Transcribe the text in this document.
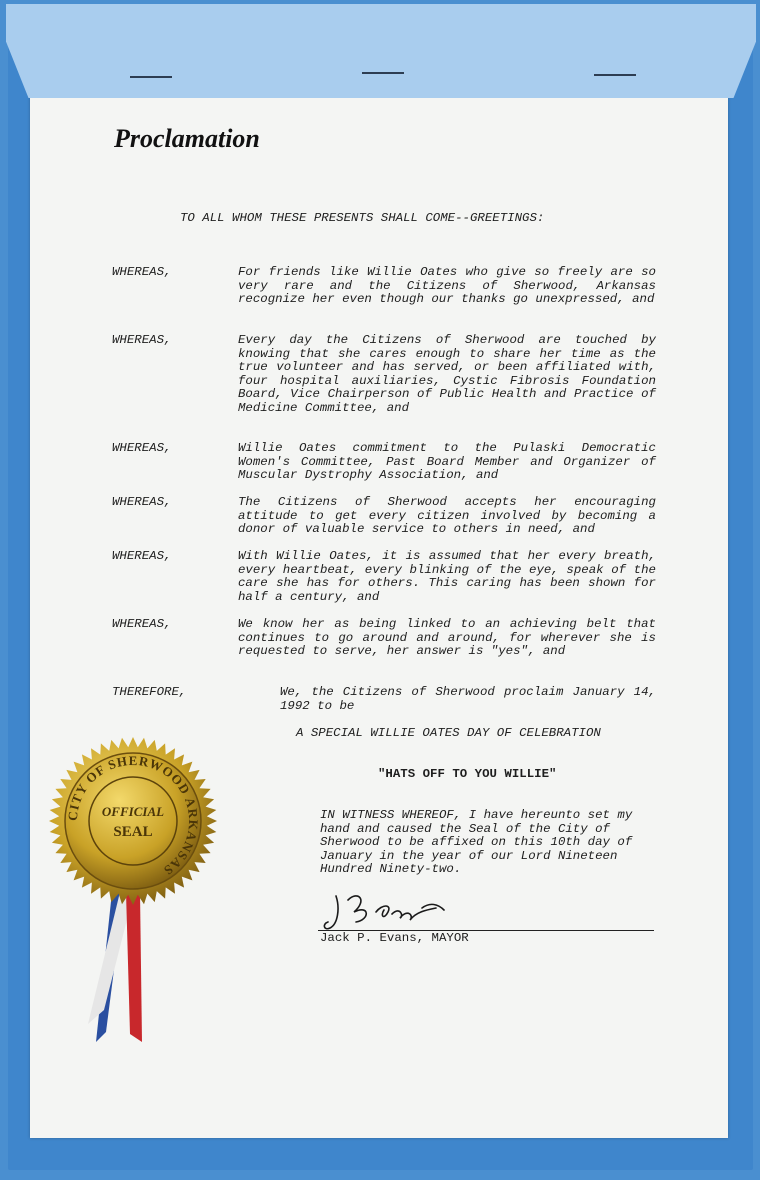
Proclamation
TO ALL WHOM THESE PRESENTS SHALL COME--GREETINGS:
WHEREAS,	For friends like Willie Oates who give so freely are so very rare and the Citizens of Sherwood, Arkansas recognize her even though our thanks go unexpressed, and

WHEREAS,	Every day the Citizens of Sherwood are touched by knowing that she cares enough to share her time as the true volunteer and has served, or been affiliated with, four hospital auxiliaries, Cystic Fibrosis Foundation Board, Vice Chairperson of Public Health and Practice of Medicine Committee, and

WHEREAS,	Willie Oates commitment to the Pulaski Democratic Women's Committee, Past Board Member and Organizer of Muscular Dystrophy Association, and

WHEREAS,	The Citizens of Sherwood accepts her encouraging attitude to get every citizen involved by becoming a donor of valuable service to others in need, and

WHEREAS,	With Willie Oates, it is assumed that her every breath, every heartbeat, every blinking of the eye, speak of the care she has for others. This caring has been shown for half a century, and

WHEREAS,	We know her as being linked to an achieving belt that continues to go around and around, for wherever she is requested to serve, her answer is "yes", and

THEREFORE,	We, the Citizens of Sherwood proclaim January 14, 1992 to be

A SPECIAL WILLIE OATES DAY OF CELEBRATION
"HATS OFF TO YOU WILLIE"

IN WITNESS WHEREOF, I have hereunto set my hand and caused the Seal of the City of Sherwood to be affixed on this 10th day of January in the year of our Lord Nineteen Hundred Ninety-two.

Jack P. Evans, MAYOR
CITY OF SHERWOOD ARKANSAS
OFFICIAL
SEAL
